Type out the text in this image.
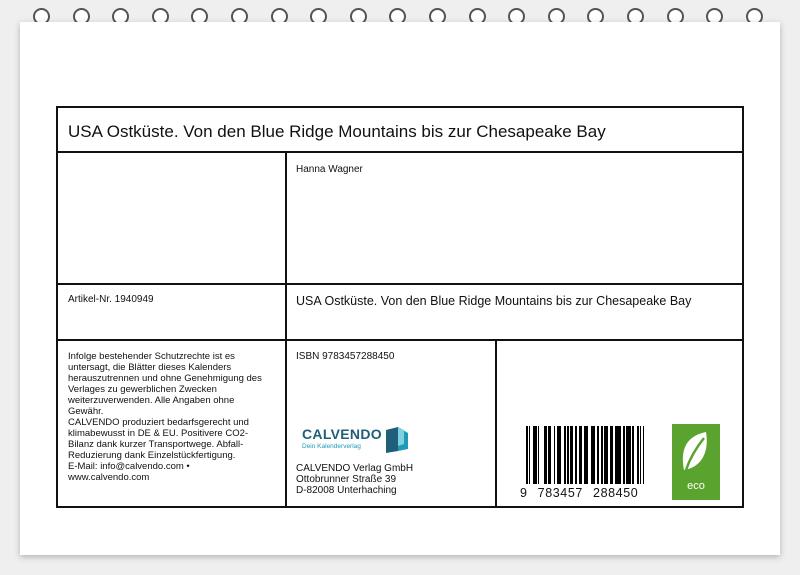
USA Ostküste. Von den Blue Ridge Mountains bis zur Chesapeake Bay
Hanna Wagner
Artikel-Nr. 1940949	USA Ostküste. Von den Blue Ridge Mountains bis zur Chesapeake Bay

Infolge bestehender Schutzrechte ist es

untersagt, die Blätter dieses Kalenders

herauszutrennen und ohne Genehmigung des

Verlages zu gewerblichen Zwecken

weiterzuverwenden. Alle Angaben ohne

Gewähr.

CALVENDO produziert bedarfsgerecht und

klimabewusst in DE & EU. Positivere CO2-

Bilanz dank kurzer Transportwege. Abfall-

Reduzierung dank Einzelstückfertigung.

E-Mail: info@calvendo.com •

www.calvendo.com

ISBN 9783457288450
CALVENDO
Dein Kalenderverlag

CALVENDO Verlag GmbH

Ottobrunner Straße 39

D-82008 Unterhaching	9 783457 288450	eco
